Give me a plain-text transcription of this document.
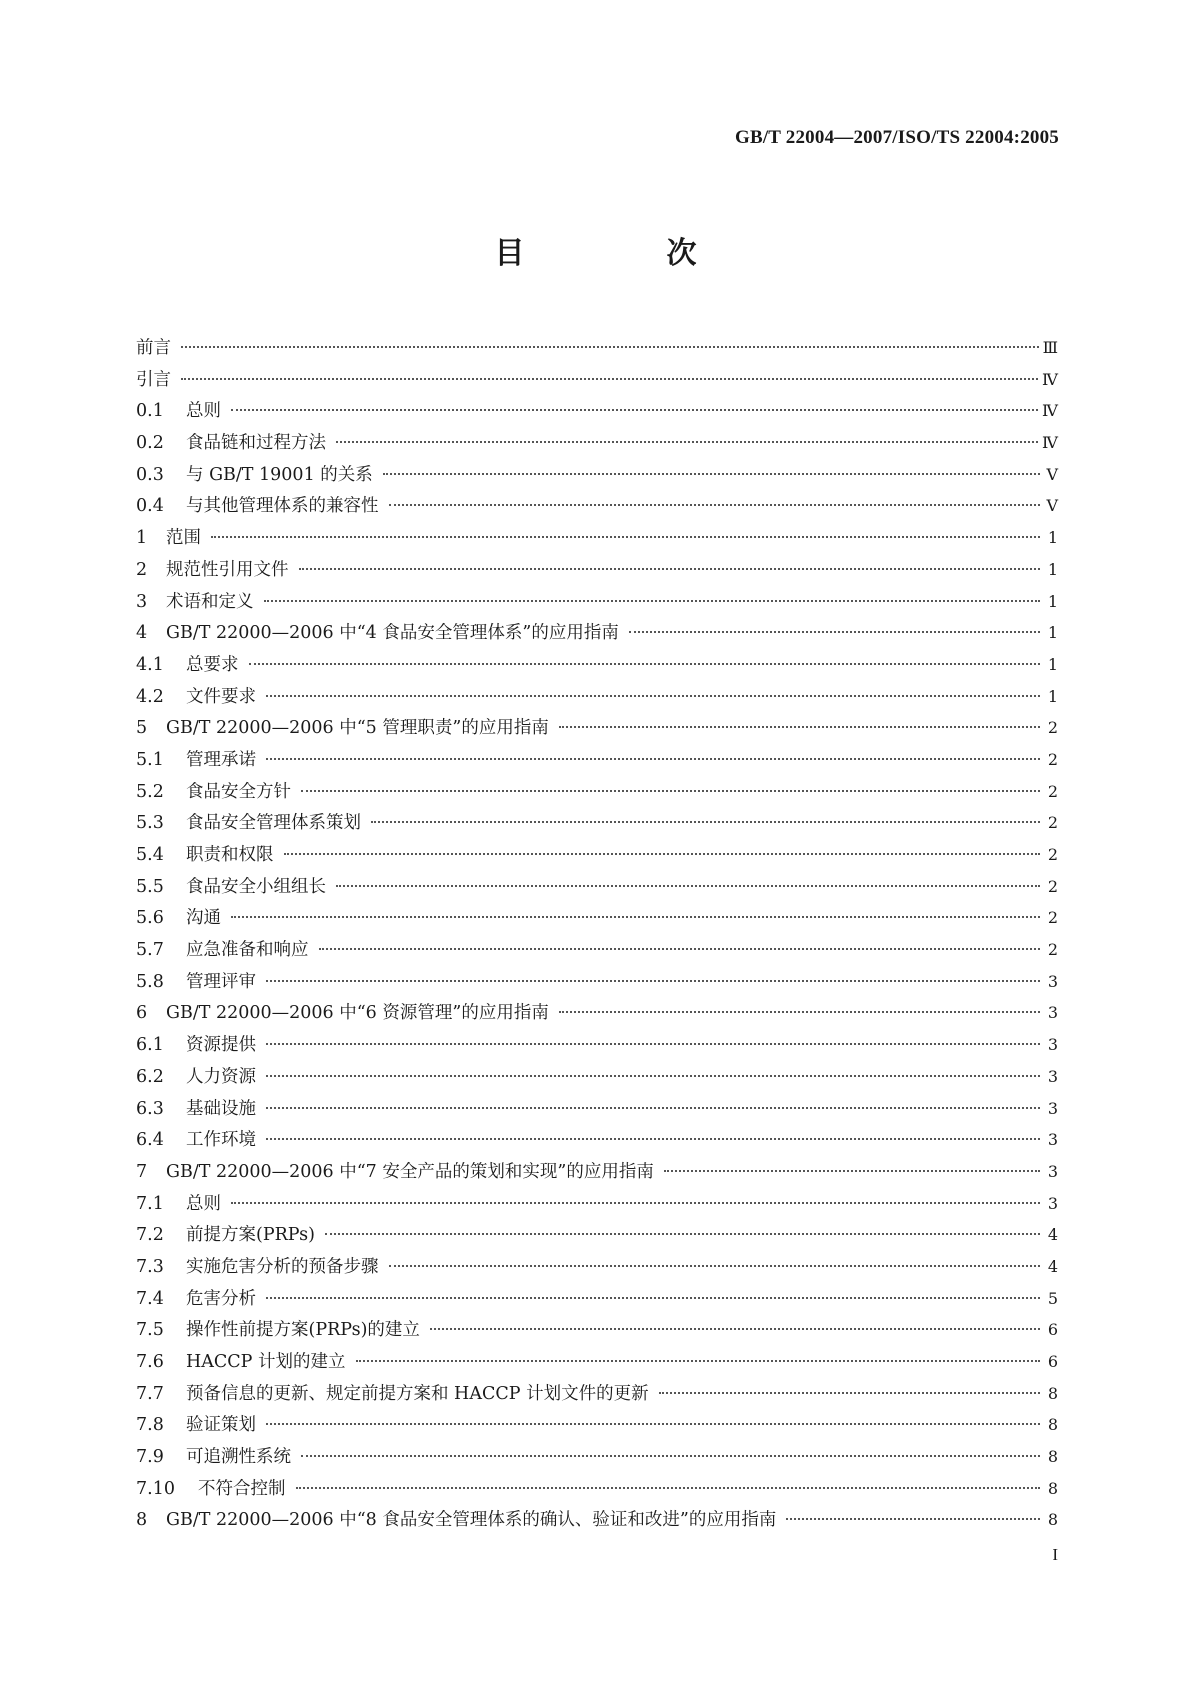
GB/T 22004—2007/ISO/TS 22004:2005
目　次
前言	Ⅲ
引言	Ⅳ
0.1	总则	Ⅳ
0.2	食品链和过程方法	Ⅳ
0.3	与 GB/T 19001 的关系	Ⅴ
0.4	与其他管理体系的兼容性	Ⅴ
1	范围	1
2	规范性引用文件	1
3	术语和定义	1
4	GB/T 22000—2006 中“4 食品安全管理体系”的应用指南	1
4.1	总要求	1
4.2	文件要求	1
5	GB/T 22000—2006 中“5 管理职责”的应用指南	2
5.1	管理承诺	2
5.2	食品安全方针	2
5.3	食品安全管理体系策划	2
5.4	职责和权限	2
5.5	食品安全小组组长	2
5.6	沟通	2
5.7	应急准备和响应	2
5.8	管理评审	3
6	GB/T 22000—2006 中“6 资源管理”的应用指南	3
6.1	资源提供	3
6.2	人力资源	3
6.3	基础设施	3
6.4	工作环境	3
7	GB/T 22000—2006 中“7 安全产品的策划和实现”的应用指南	3
7.1	总则	3
7.2	前提方案(PRPs)	4
7.3	实施危害分析的预备步骤	4
7.4	危害分析	5
7.5	操作性前提方案(PRPs)的建立	6
7.6	HACCP 计划的建立	6
7.7	预备信息的更新、规定前提方案和 HACCP 计划文件的更新	8
7.8	验证策划	8
7.9	可追溯性系统	8
7.10	不符合控制	8
8	GB/T 22000—2006 中“8 食品安全管理体系的确认、验证和改进”的应用指南	8
I
